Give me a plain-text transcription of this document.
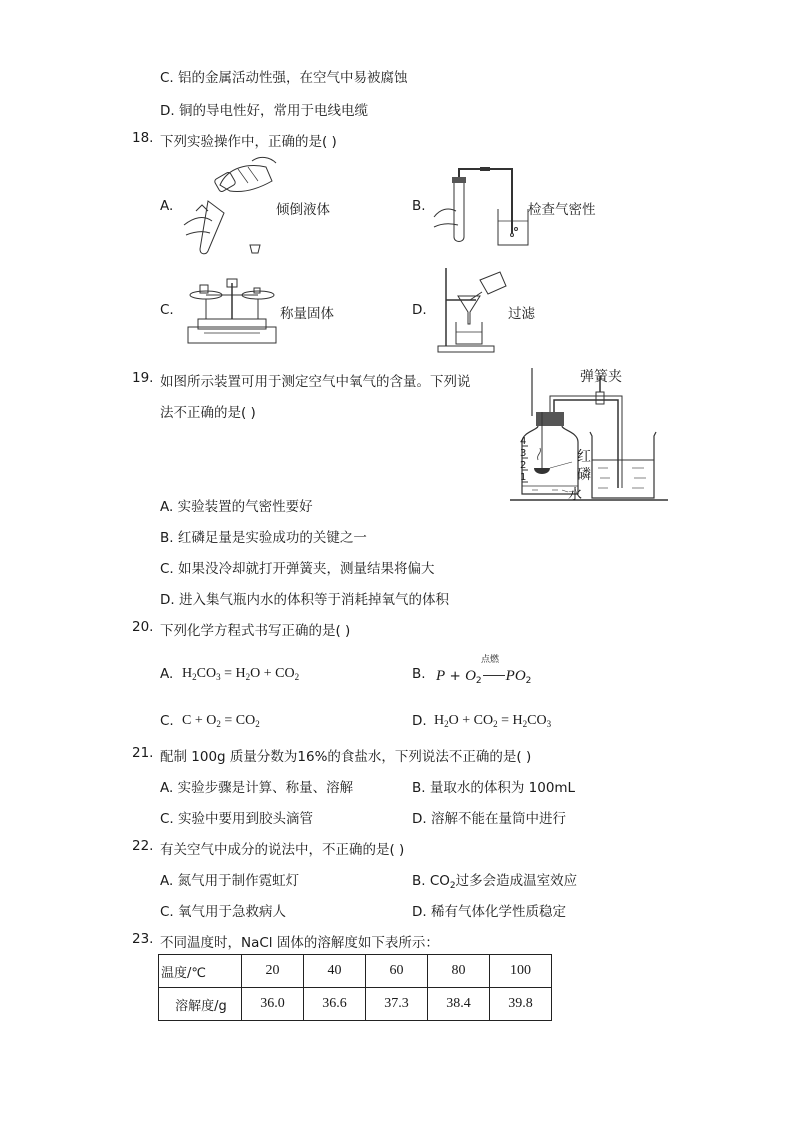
C. 铝的金属活动性强，在空气中易被腐蚀
D. 铜的导电性好，常用于电线电缆
18. 下列实验操作中，正确的是( )
A.	倾倒液体	B.	检查气密性
C.	称量固体	D.	过滤
19. 如图所示装置可用于测定空气中氧气的含量。下列说
法不正确的是( )
弹簧夹
4
3
2
1
红
磷
水
A. 实验装置的气密性要好
B. 红磷足量是实验成功的关键之一
C. 如果没冷却就打开弹簧夹，测量结果将偏大
D. 进入集气瓶内水的体积等于消耗掉氧气的体积
20. 下列化学方程式书写正确的是( )
A. $H_2CO_3 = H_2O + CO_2$	B.
点燃
$P + O_2$ $PO_2$
C. $C + O_2 = CO_2$	D. $H_2O + CO_2 = H_2CO_3$
21. 配制 100g 质量分数为16%的食盐水，下列说法不正确的是( )
A. 实验步骤是计算、称量、溶解	B. 量取水的体积为 100mL
C. 实验中要用到胶头滴管	D. 溶解不能在量筒中进行
22. 有关空气中成分的说法中，不正确的是( )
A. 氮气用于制作霓虹灯	B. $CO_2$过多会造成温室效应
C. 氧气用于急救病人	D. 稀有气体化学性质稳定
23. 不同温度时，NaCl 固体的溶解度如下表所示：
温度/℃	20	40	60	80	100
溶解度/g	36.0	36.6	37.3	38.4	39.8
